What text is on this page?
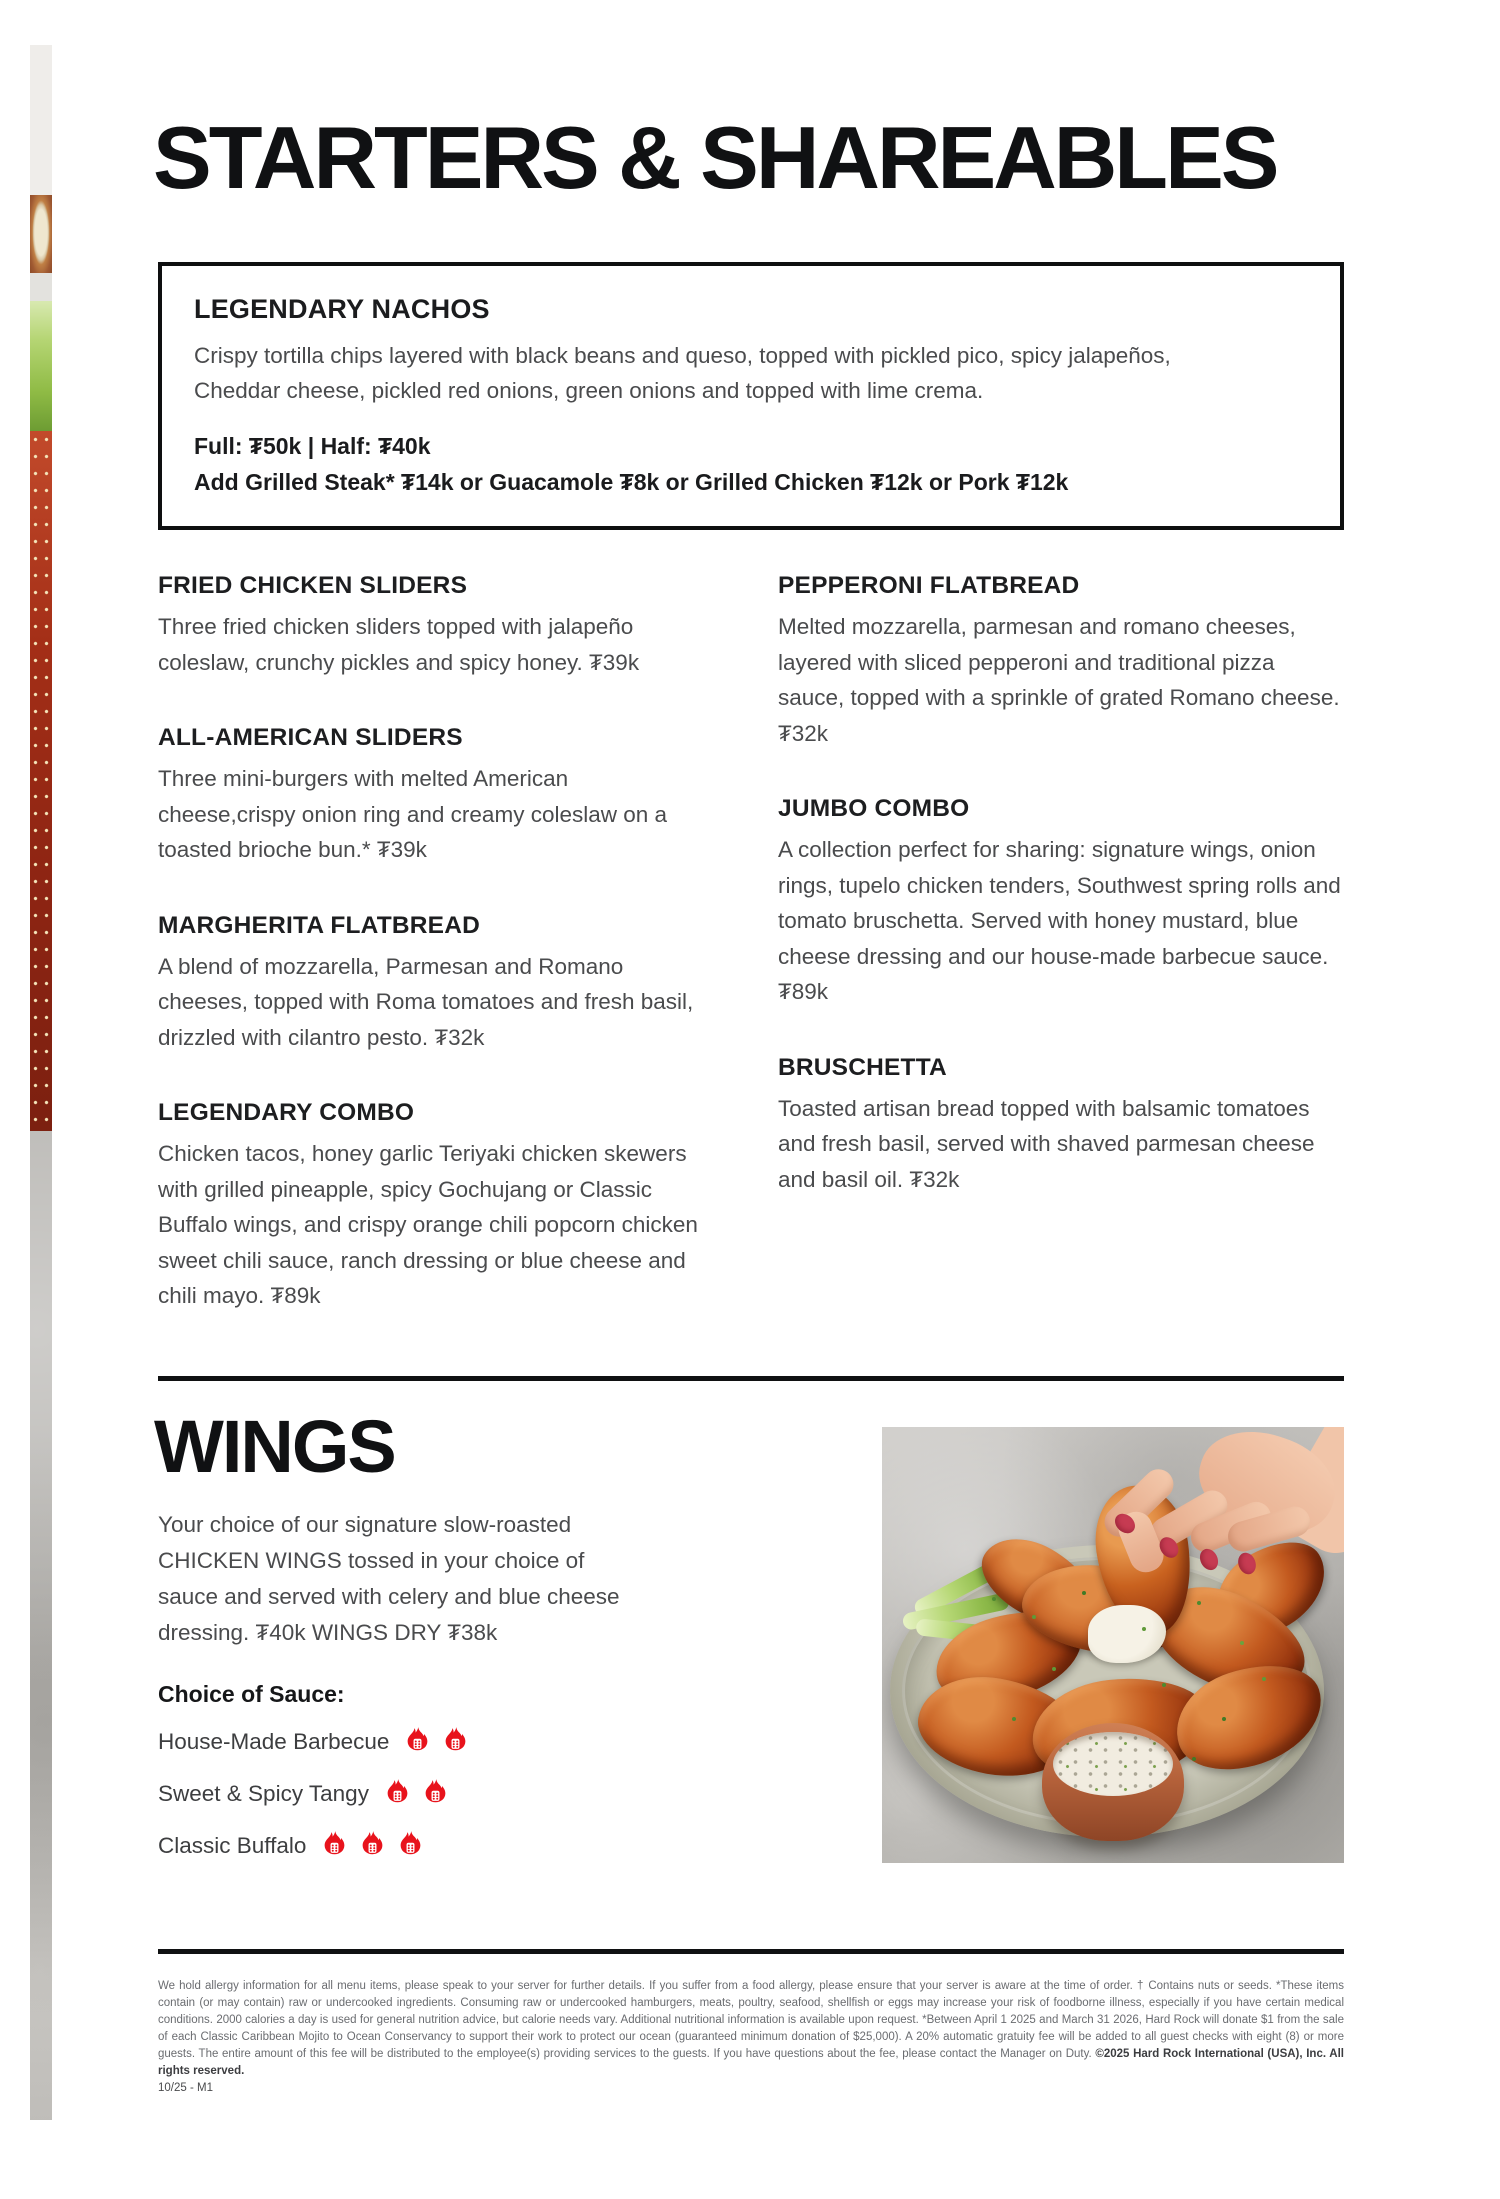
STARTERS & SHAREABLES
LEGENDARY NACHOS

Crispy tortilla chips layered with black beans and queso, topped with pickled pico, spicy jalapeños, Cheddar cheese, pickled red onions, green onions and topped with lime crema.

Full: ₮50k | Half: ₮40k

Add Grilled Steak* ₮14k or Guacamole ₮8k or Grilled Chicken ₮12k or Pork ₮12k

FRIED CHICKEN SLIDERS

Three fried chicken sliders topped with jalapeño coleslaw, crunchy pickles and spicy honey. ₮39k

ALL-AMERICAN SLIDERS

Three mini-burgers with melted American cheese,crispy onion ring and creamy coleslaw on a toasted brioche bun.* ₮39k

MARGHERITA FLATBREAD

A blend of mozzarella, Parmesan and Romano cheeses, topped with Roma tomatoes and fresh basil, drizzled with cilantro pesto. ₮32k

LEGENDARY COMBO

Chicken tacos, honey garlic Teriyaki chicken skewers with grilled pineapple, spicy Gochujang or Classic Buffalo wings, and crispy orange chili popcorn chicken sweet chili sauce, ranch dressing or blue cheese and chili mayo. ₮89k

PEPPERONI FLATBREAD

Melted mozzarella, parmesan and romano cheeses, layered with sliced pepperoni and traditional pizza sauce, topped with a sprinkle of grated Romano cheese. ₮32k

JUMBO COMBO

A collection perfect for sharing: signature wings, onion rings, tupelo chicken tenders, Southwest spring rolls and tomato bruschetta. Served with honey mustard, blue cheese dressing and our house-made barbecue sauce. ₮89k

BRUSCHETTA

Toasted artisan bread topped with balsamic tomatoes and fresh basil, served with shaved parmesan cheese and basil oil. ₮32k

WINGS

Your choice of our signature slow-roasted CHICKEN WINGS tossed in your choice of sauce and served with celery and blue cheese dressing. ₮40k WINGS DRY ₮38k

Choice of Sauce:

House-Made Barbecue
Sweet & Spicy Tangy
Classic Buffalo

We hold allergy information for all menu items, please speak to your server for further details. If you suffer from a food allergy, please ensure that your server is aware at the time of order. † Contains nuts or seeds. *These items contain (or may contain) raw or undercooked ingredients. Consuming raw or undercooked hamburgers, meats, poultry, seafood, shellfish or eggs may increase your risk of foodborne illness, especially if you have certain medical conditions. 2000 calories a day is used for general nutrition advice, but calorie needs vary. Additional nutritional information is available upon request. *Between April 1 2025 and March 31 2026, Hard Rock will donate $1 from the sale of each Classic Caribbean Mojito to Ocean Conservancy to support their work to protect our ocean (guaranteed minimum donation of $25,000). A 20% automatic gratuity fee will be added to all guest checks with eight (8) or more guests. The entire amount of this fee will be distributed to the employee(s) providing services to the guests. If you have questions about the fee, please contact the Manager on Duty. ©2025 Hard Rock International (USA), Inc. All rights reserved.

10/25 - M1
